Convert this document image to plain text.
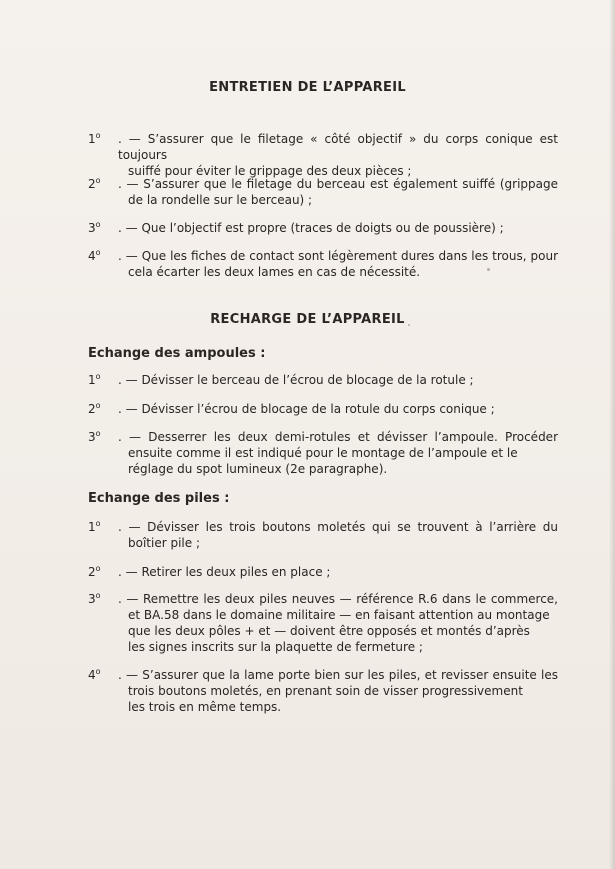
ENTRETIEN DE L’APPAREIL
1$^o$	. — S’assurer que le filetage « côté objectif » du corps conique est toujours
suiffé pour éviter le grippage des deux pièces ;
2$^o$	. — S’assurer que le filetage du berceau est également suiffé (grippage
de la rondelle sur le berceau) ;
3$^o$	. — Que l’objectif est propre (traces de doigts ou de poussière) ;
4$^o$	. — Que les fiches de contact sont légèrement dures dans les trous, pour
cela écarter les deux lames en cas de nécessité.
RECHARGE DE L’APPAREIL
Echange des ampoules :
1$^o$	. — Dévisser le berceau de l’écrou de blocage de la rotule ;
2$^o$	. — Dévisser l’écrou de blocage de la rotule du corps conique ;
3$^o$	. — Desserrer les deux demi-rotules et dévisser l’ampoule. Procéder
ensuite comme il est indiqué pour le montage de l’ampoule et le
réglage du spot lumineux (2e paragraphe).
Echange des piles :
1$^o$	. — Dévisser les trois boutons moletés qui se trouvent à l’arrière du
boîtier pile ;
2$^o$	. — Retirer les deux piles en place ;
3$^o$	. — Remettre les deux piles neuves — référence R.6 dans le commerce,
et BA.58 dans le domaine militaire — en faisant attention au montage
que les deux pôles + et — doivent être opposés et montés d’après
les signes inscrits sur la plaquette de fermeture ;
4$^o$	. — S’assurer que la lame porte bien sur les piles, et revisser ensuite les
trois boutons moletés, en prenant soin de visser progressivement
les trois en même temps.
